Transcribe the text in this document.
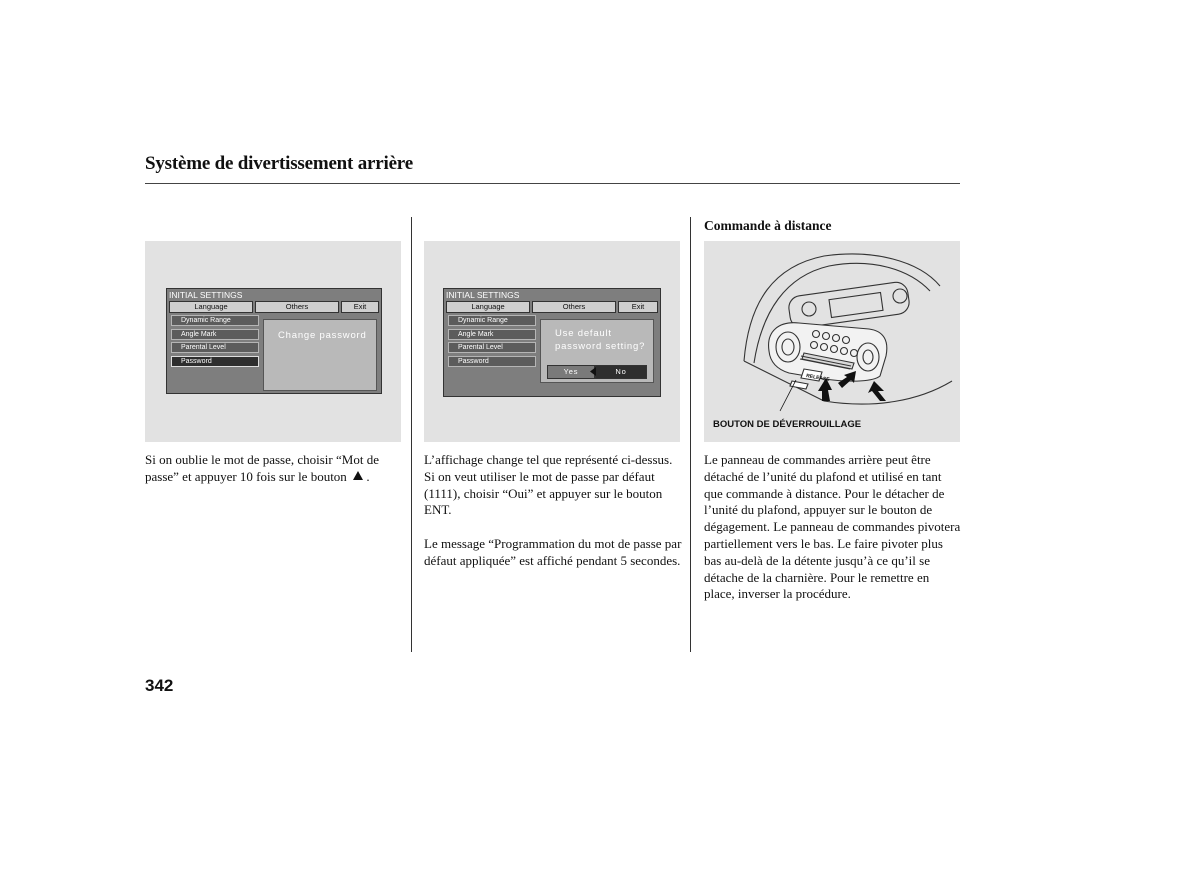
Système de divertissement arrière
INITIAL SETTINGS
Language	Others	Exit
Dynamic Range
Angle Mark
Parental Level
Password
Change password
INITIAL SETTINGS
Language	Others	Exit
Dynamic Range
Angle Mark
Parental Level
Password
Use default
password setting?
Yes	No
Commande à distance
RELEASE
BOUTON DE DÉVERROUILLAGE

Si on oublie le mot de passe, choisir “Mot de passe” et appuyer 10 fois sur le bouton  .

L’affichage change tel que représenté ci-dessus. Si on veut utiliser le mot de passe par défaut (1111), choisir “Oui” et appuyer sur le bouton ENT.

Le message “Programmation du mot de passe par défaut appliquée” est affiché pendant 5 secondes.

Le panneau de commandes arrière peut être détaché de l’unité du plafond et utilisé en tant que commande à distance. Pour le détacher de l’unité du plafond, appuyer sur le bouton de dégagement. Le panneau de commandes pivotera partiellement vers le bas. Le faire pivoter plus bas au-delà de la détente jusqu’à ce qu’il se détache de la charnière. Pour le remettre en place, inverser la procédure.

342
